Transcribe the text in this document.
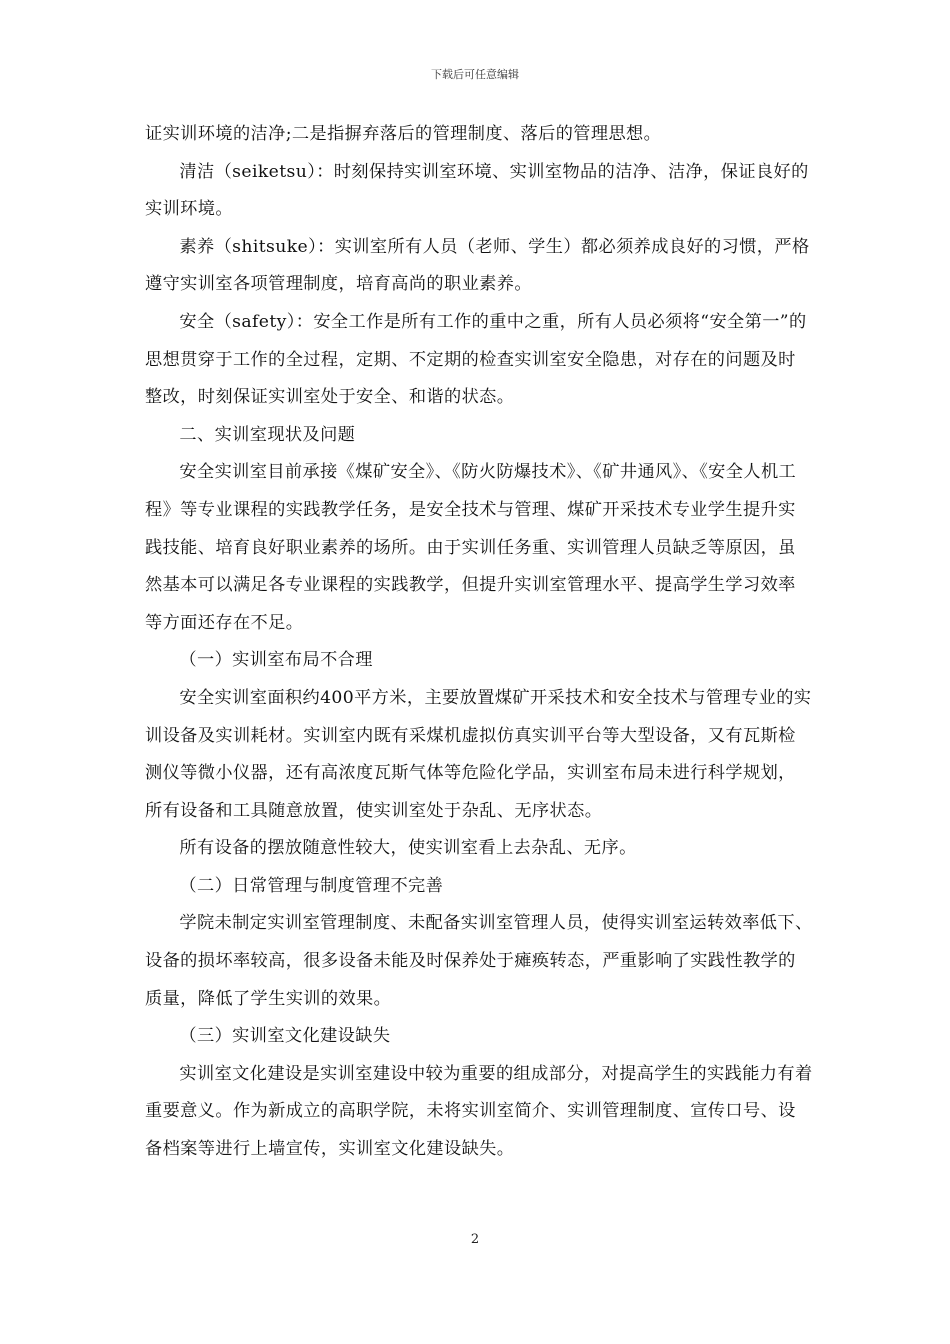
下载后可任意编辑

证实训环境的洁净;二是指摒弃落后的管理制度、落后的管理思想。

清洁（seiketsu）：时刻保持实训室环境、实训室物品的洁净、洁净，保证良好的实训环境。

素养（shitsuke）：实训室所有人员（老师、学生）都必须养成良好的习惯，严格遵守实训室各项管理制度，培育高尚的职业素养。

安全（safety）：安全工作是所有工作的重中之重，所有人员必须将“安全第一”的思想贯穿于工作的全过程，定期、不定期的检查实训室安全隐患，对存在的问题及时整改，时刻保证实训室处于安全、和谐的状态。

二、实训室现状及问题

安全实训室目前承接《煤矿安全》、《防火防爆技术》、《矿井通风》、《安全人机工程》等专业课程的实践教学任务，是安全技术与管理、煤矿开采技术专业学生提升实践技能、培育良好职业素养的场所。由于实训任务重、实训管理人员缺乏等原因，虽然基本可以满足各专业课程的实践教学，但提升实训室管理水平、提高学生学习效率等方面还存在不足。

（一）实训室布局不合理

安全实训室面积约400平方米，主要放置煤矿开采技术和安全技术与管理专业的实训设备及实训耗材。实训室内既有采煤机虚拟仿真实训平台等大型设备，又有瓦斯检测仪等微小仪器，还有高浓度瓦斯气体等危险化学品，实训室布局未进行科学规划，所有设备和工具随意放置，使实训室处于杂乱、无序状态。

所有设备的摆放随意性较大，使实训室看上去杂乱、无序。

（二）日常管理与制度管理不完善

学院未制定实训室管理制度、未配备实训室管理人员，使得实训室运转效率低下、设备的损坏率较高，很多设备未能及时保养处于瘫痪转态，严重影响了实践性教学的质量，降低了学生实训的效果。

（三）实训室文化建设缺失

实训室文化建设是实训室建设中较为重要的组成部分，对提高学生的实践能力有着重要意义。作为新成立的高职学院，未将实训室简介、实训管理制度、宣传口号、设备档案等进行上墙宣传，实训室文化建设缺失。

2
